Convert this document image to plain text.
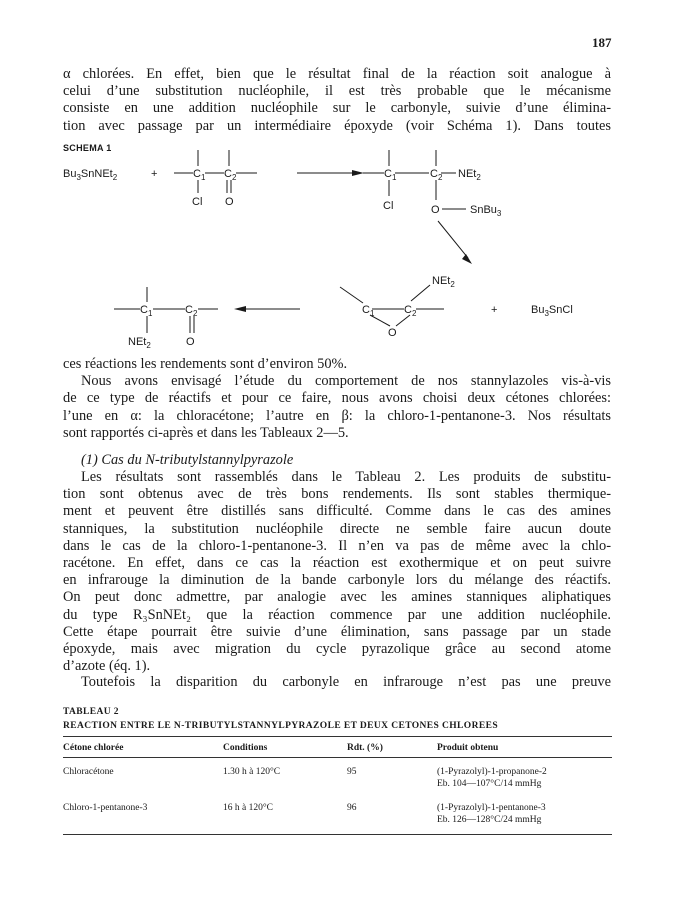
187

α chlorées. En effet, bien que le résultat final de la réaction soit analogue à
celui d’une substitution nucléophile, il est très probable que le mécanisme
consiste en une addition nucléophile sur le carbonyle, suivie d’une élimina-
tion avec passage par un intermédiaire époxyde (voir Schéma 1). Dans toutes

SCHEMA 1
$Bu_3SnNEt_2$	+	$C_1$ $C_2$
Cl O
$C_1$	$C_2$ NEt$_2$
Cl	O	SnBu$_3$
NEt$_2$
$C_1$	$C_2$
O
+	$Bu_3SnCl$
$C_1$	$C_2$
NEt$_2$	O

ces réactions les rendements sont d’environ 50%.
Nous avons envisagé l’étude du comportement de nos stannylazoles vis-à-vis
de ce type de réactifs et pour ce faire, nous avons choisi deux cétones chlorées:
l’une en α: la chloracétone; l’autre en β: la chloro-1-pentanone-3. Nos résultats
sont rapportés ci-après et dans les Tableaux 2—5.

(1) Cas du N-tributylstannylpyrazole

Les résultats sont rassemblés dans le Tableau 2. Les produits de substitu-
tion sont obtenus avec de très bons rendements. Ils sont stables thermique-
ment et peuvent être distillés sans difficulté. Comme dans le cas des amines
stanniques, la substitution nucléophile directe ne semble faire aucun doute
dans le cas de la chloro-1-pentanone-3. Il n’en va pas de même avec la chlo-
racétone. En effet, dans ce cas la réaction est exothermique et on peut suivre
en infrarouge la diminution de la bande carbonyle lors du mélange des réactifs.
On peut donc admettre, par analogie avec les amines stanniques aliphatiques
du type R₃SnNEt₂ que la réaction commence par une addition nucléophile.
Cette étape pourrait être suivie d’une élimination, sans passage par un stade
époxyde, mais avec migration du cycle pyrazolique grâce au second atome
d’azote (éq. 1).

Toutefois la disparition du carbonyle en infrarouge n’est pas une preuve

TABLEAU 2
REACTION ENTRE LE N-TRIBUTYLSTANNYLPYRAZOLE ET DEUX CETONES CHLOREES
Cétone chlorée	Conditions	Rdt. (%)	Produit obtenu
Chloracétone	1.30 h à 120°C	95	(1-Pyrazolyl)-1-propanone-2
Eb. 104—107°C/14 mmHg

Chloro-1-pentanone-3	16 h à 120°C	96	(1-Pyrazolyl)-1-pentanone-3
Eb. 126—128°C/24 mmHg
